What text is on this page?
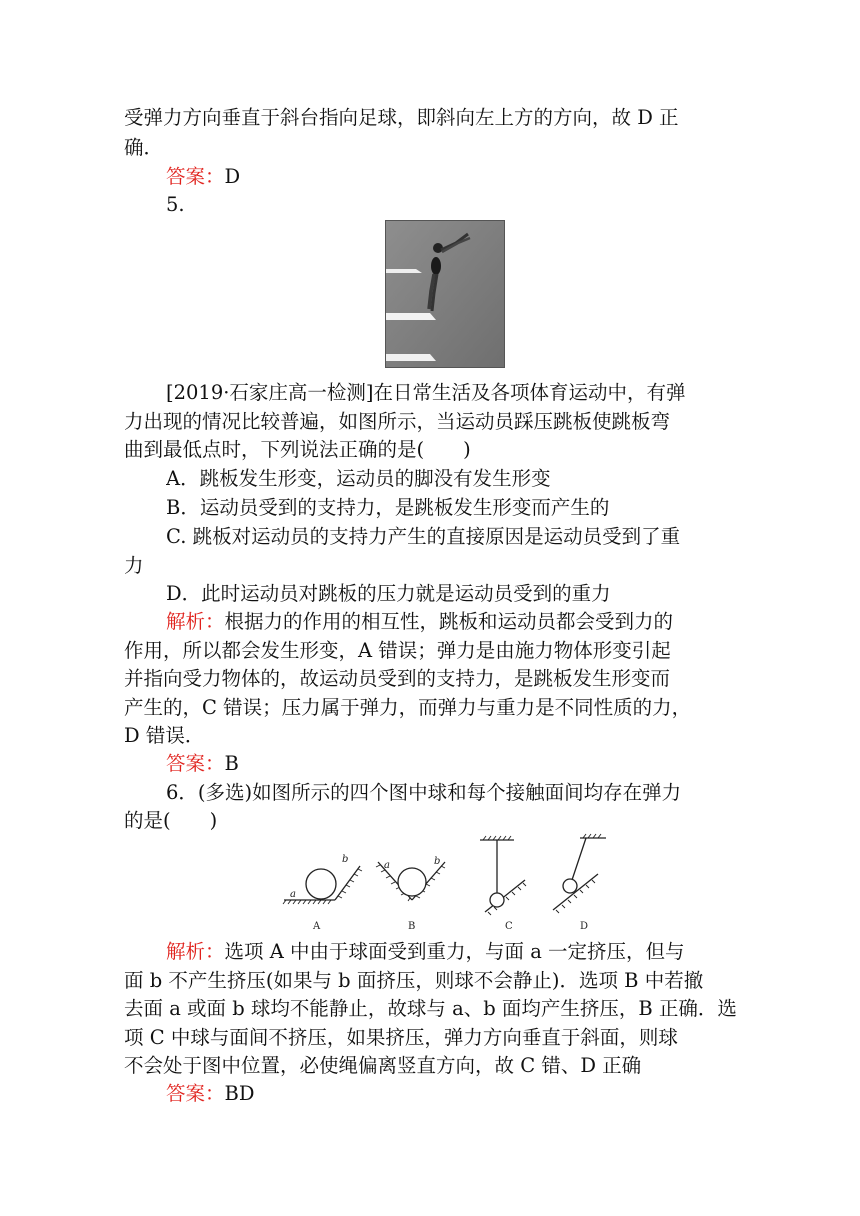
受弹力方向垂直于斜台指向足球，即斜向左上方的方向，故 D 正
确．
答案：D
5.
[2019·石家庄高一检测]在日常生活及各项体育运动中，有弹
力出现的情况比较普遍，如图所示，当运动员踩压跳板使跳板弯
曲到最低点时，下列说法正确的是(　　)
A．跳板发生形变，运动员的脚没有发生形变
B．运动员受到的支持力，是跳板发生形变而产生的
C. 跳板对运动员的支持力产生的直接原因是运动员受到了重
力
D．此时运动员对跳板的压力就是运动员受到的重力
解析：根据力的作用的相互性，跳板和运动员都会受到力的
作用，所以都会发生形变，A 错误；弹力是由施力物体形变引起
并指向受力物体的，故运动员受到的支持力，是跳板发生形变而
产生的，C 错误；压力属于弹力，而弹力与重力是不同性质的力，
D 错误．
答案：B
6．(多选)如图所示的四个图中球和每个接触面间均存在弹力
的是(　　)
a
b
a	b
A	B	C	D
解析：选项 A 中由于球面受到重力，与面 a 一定挤压，但与
面 b 不产生挤压(如果与 b 面挤压，则球不会静止)．选项 B 中若撤
去面 a 或面 b 球均不能静止，故球与 a、b 面均产生挤压，B 正确．选
项 C 中球与面间不挤压，如果挤压，弹力方向垂直于斜面，则球
不会处于图中位置，必使绳偏离竖直方向，故 C 错、D 正确
答案：BD
